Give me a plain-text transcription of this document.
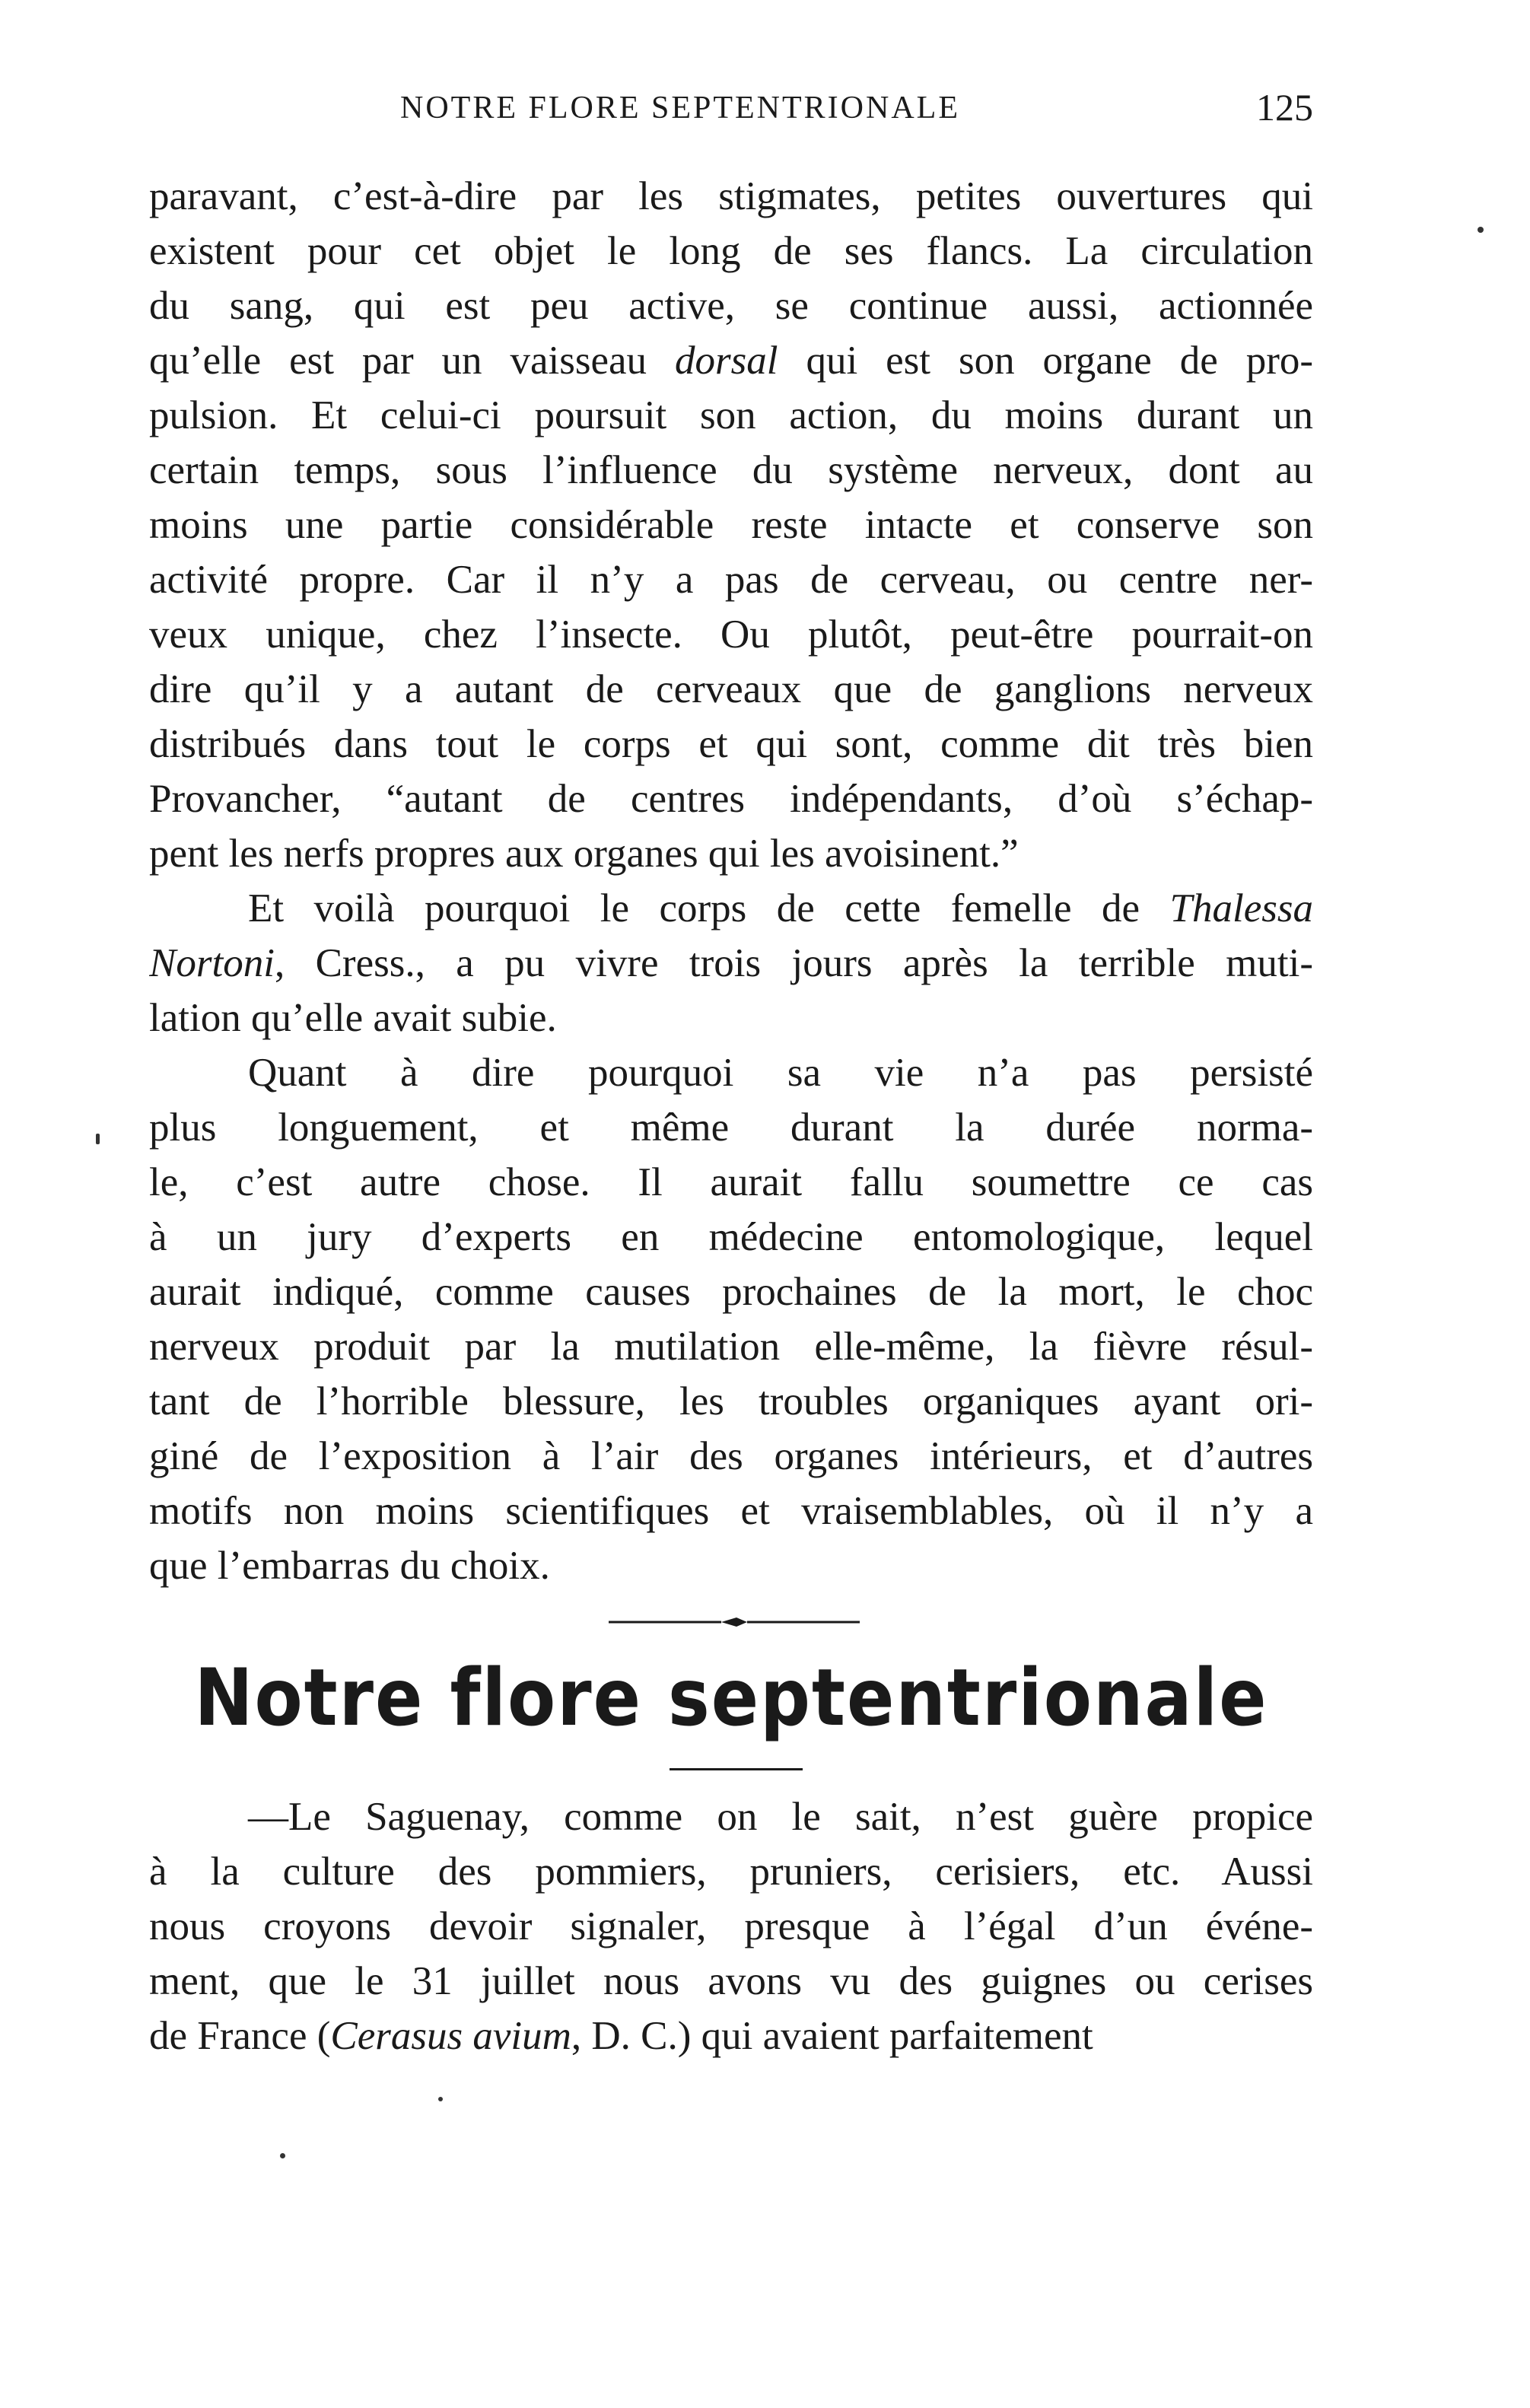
NOTRE FLORE SEPTENTRIONALE	125
paravant, c’est-à-dire par les stigmates, petites ouvertures qui
existent pour cet objet le long de ses flancs. La circulation
du sang, qui est peu active, se continue aussi, actionnée
qu’elle est par un vaisseau dorsal qui est son organe de pro-
pulsion. Et celui-ci poursuit son action, du moins durant un
certain temps, sous l’influence du système nerveux, dont au
moins une partie considérable reste intacte et conserve son
activité propre. Car il n’y a pas de cerveau, ou centre ner-
veux unique, chez l’insecte. Ou plutôt, peut-être pourrait-on
dire qu’il y a autant de cerveaux que de ganglions nerveux
distribués dans tout le corps et qui sont, comme dit très bien
Provancher, “autant de centres indépendants, d’où s’échap-
pent les nerfs propres aux organes qui les avoisinent.”
Et voilà pourquoi le corps de cette femelle de Thalessa
Nortoni, Cress., a pu vivre trois jours après la terrible muti-
lation qu’elle avait subie.
Quant à dire pourquoi sa vie n’a pas persisté
plus longuement, et même durant la durée norma-
le, c’est autre chose. Il aurait fallu soumettre ce cas
à un jury d’experts en médecine entomologique, lequel
aurait indiqué, comme causes prochaines de la mort, le choc
nerveux produit par la mutilation elle-même, la fièvre résul-
tant de l’horrible blessure, les troubles organiques ayant ori-
giné de l’exposition à l’air des organes intérieurs, et d’autres
motifs non moins scientifiques et vraisemblables, où il n’y a
que l’embarras du choix.
Notre flore septentrionale
—Le Saguenay, comme on le sait, n’est guère propice
à la culture des pommiers, pruniers, cerisiers, etc. Aussi
nous croyons devoir signaler, presque à l’égal d’un événe-
ment, que le 31 juillet nous avons vu des guignes ou cerises
de France (Cerasus avium, D. C.) qui avaient parfaitement
